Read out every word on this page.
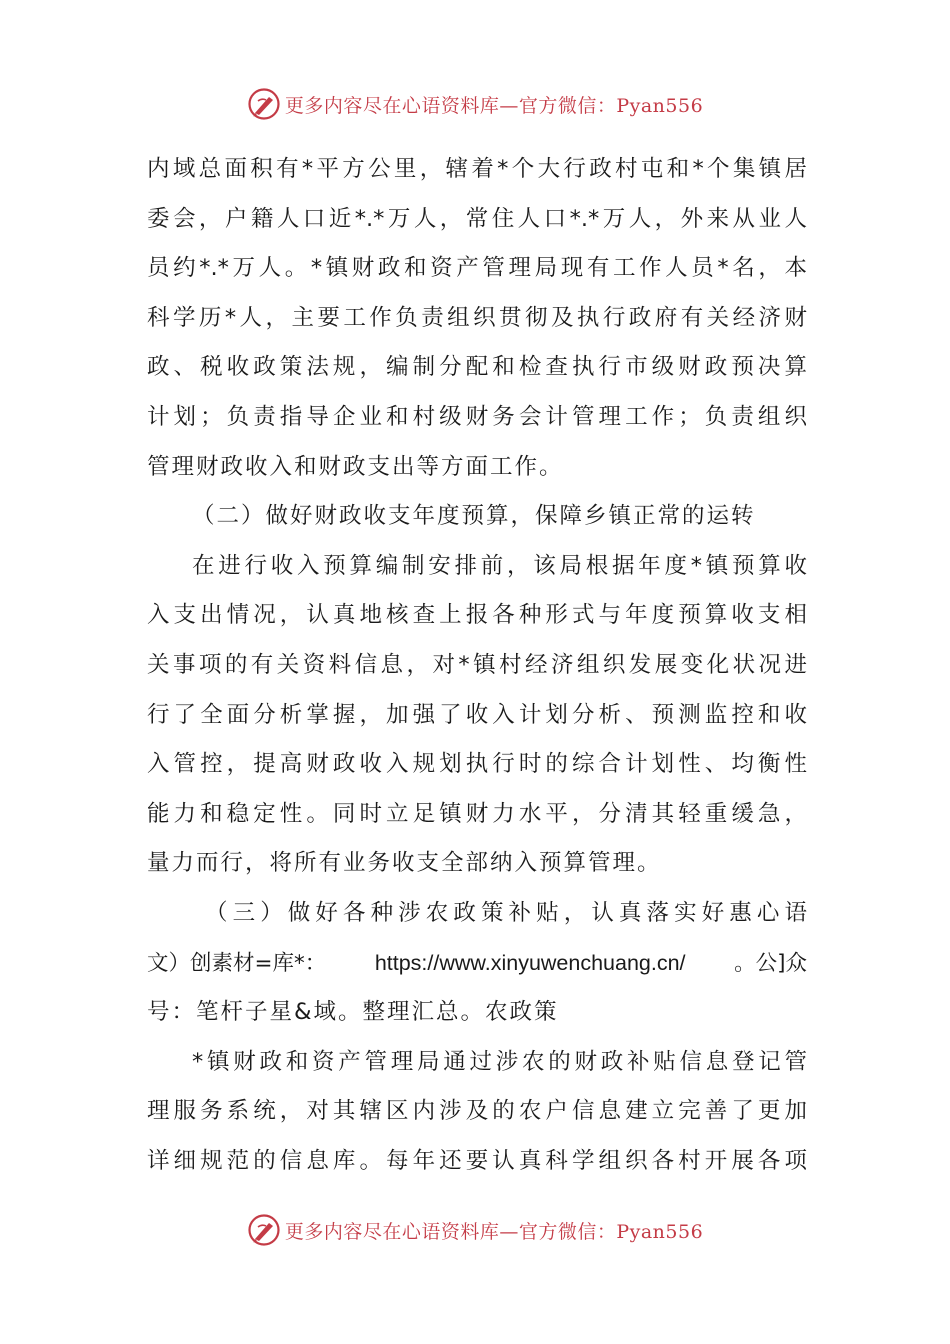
更多内容尽在心语资料库—官方微信：Pyan556
内域总面积有*平方公里，辖着*个大行政村屯和*个集镇居
委会，户籍人口近*.*万人，常住人口*.*万人，外来从业人
员约*.*万人。*镇财政和资产管理局现有工作人员*名，本
科学历*人，主要工作负责组织贯彻及执行政府有关经济财
政、税收政策法规，编制分配和检查执行市级财政预决算
计划；负责指导企业和村级财务会计管理工作；负责组织
管理财政收入和财政支出等方面工作。
（二）做好财政收支年度预算，保障乡镇正常的运转
在进行收入预算编制安排前，该局根据年度*镇预算收
入支出情况，认真地核查上报各种形式与年度预算收支相
关事项的有关资料信息，对*镇村经济组织发展变化状况进
行了全面分析掌握，加强了收入计划分析、预测监控和收
入管控，提高财政收入规划执行时的综合计划性、均衡性
能力和稳定性。同时立足镇财力水平，分清其轻重缓急，
量力而行，将所有业务收支全部纳入预算管理。
（三）做好各种涉农政策补贴，认真落实好惠心语
文）创素材=库*： https://www.xinyuwenchuang.cn/ 。公]众
号：笔杆子星&域。整理汇总。农政策
*镇财政和资产管理局通过涉农的财政补贴信息登记管
理服务系统，对其辖区内涉及的农户信息建立完善了更加
详细规范的信息库。每年还要认真科学组织各村开展各项
更多内容尽在心语资料库—官方微信：Pyan556
